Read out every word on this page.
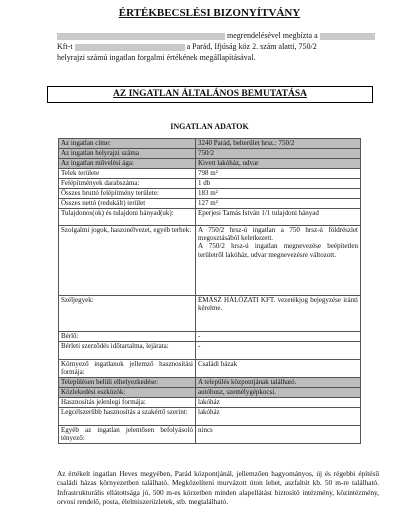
ÉRTÉKBECSLÉSI BIZONYÍTVÁNY
megrendelésével megbízta a
Kft-t	a Parád, Ifjúság köz 2. szám alatti, 750/2
helyrajzi számú ingatlan forgalmi értékének megállapításával.
AZ INGATLAN ÁLTALÁNOS BEMUTATÁSA
INGATLAN ADATOK
Az ingatlan címe:	3240 Parád, belterület hrsz.: 750/2

Az ingatlan helyrajzi száma	750/2

Az ingatlan művelési ága:	Kivett lakóház, udvar

Telek területe	798 m²

Felépítmények darabszáma:	1 db

Összes bruttó felépítmény területe:	183 m²

Összes nettó (redukált) terület	127 m²

Tulajdonos(ok) és tulajdoni hányad(uk):	Eperjesi Tamás István 1/1 tulajdoni hányad

Szolgalmi jogok, haszonélvezet, egyéb terhek:	A 750/2 hrsz-ú ingatlan a 750 hrsz-ú földrészlet megosztásából keletkezett.
A 750/2 hrsz-ú ingatlan megnevezése beépítetlen területről lakóház, udvar megnevezésre változott.

Széljegyek:	ÉMÁSZ HÁLÓZATI KFT. vezetékjog bejegyzése iránti kérelme.

Bérlő:	-

Bérleti szerződés időtartalma, lejárata:	-

Környező ingatlanok jellemző hasznosítási formája:	Családi házak

Településen belüli elhelyezkedése:	A település központjának található.

Közlekedési eszközök:	autóbusz, személygépkocsi.

Hasznosítás jelenlegi formája:	lakóház

Legcélszerűbb hasznosítás a szakértő szerint:	lakóház

Egyéb az ingatlan jelentősen befolyásoló tényező:	nincs
Az értékelt ingatlan Heves megyében, Parád központjánál, jellemzően hagyományos, új és régebbi építésű családi házas környezetben található. Megközelíteni murvázott úton lehet, aszfaltút kb. 50 m-re található. Infrastrukturális ellátottsága jó, 500 m-es körzetben minden alapellátást biztosító intézmény, közintézmény, orvosi rendelő, posta, élelmiszerüzletek, stb. megtalálható.
